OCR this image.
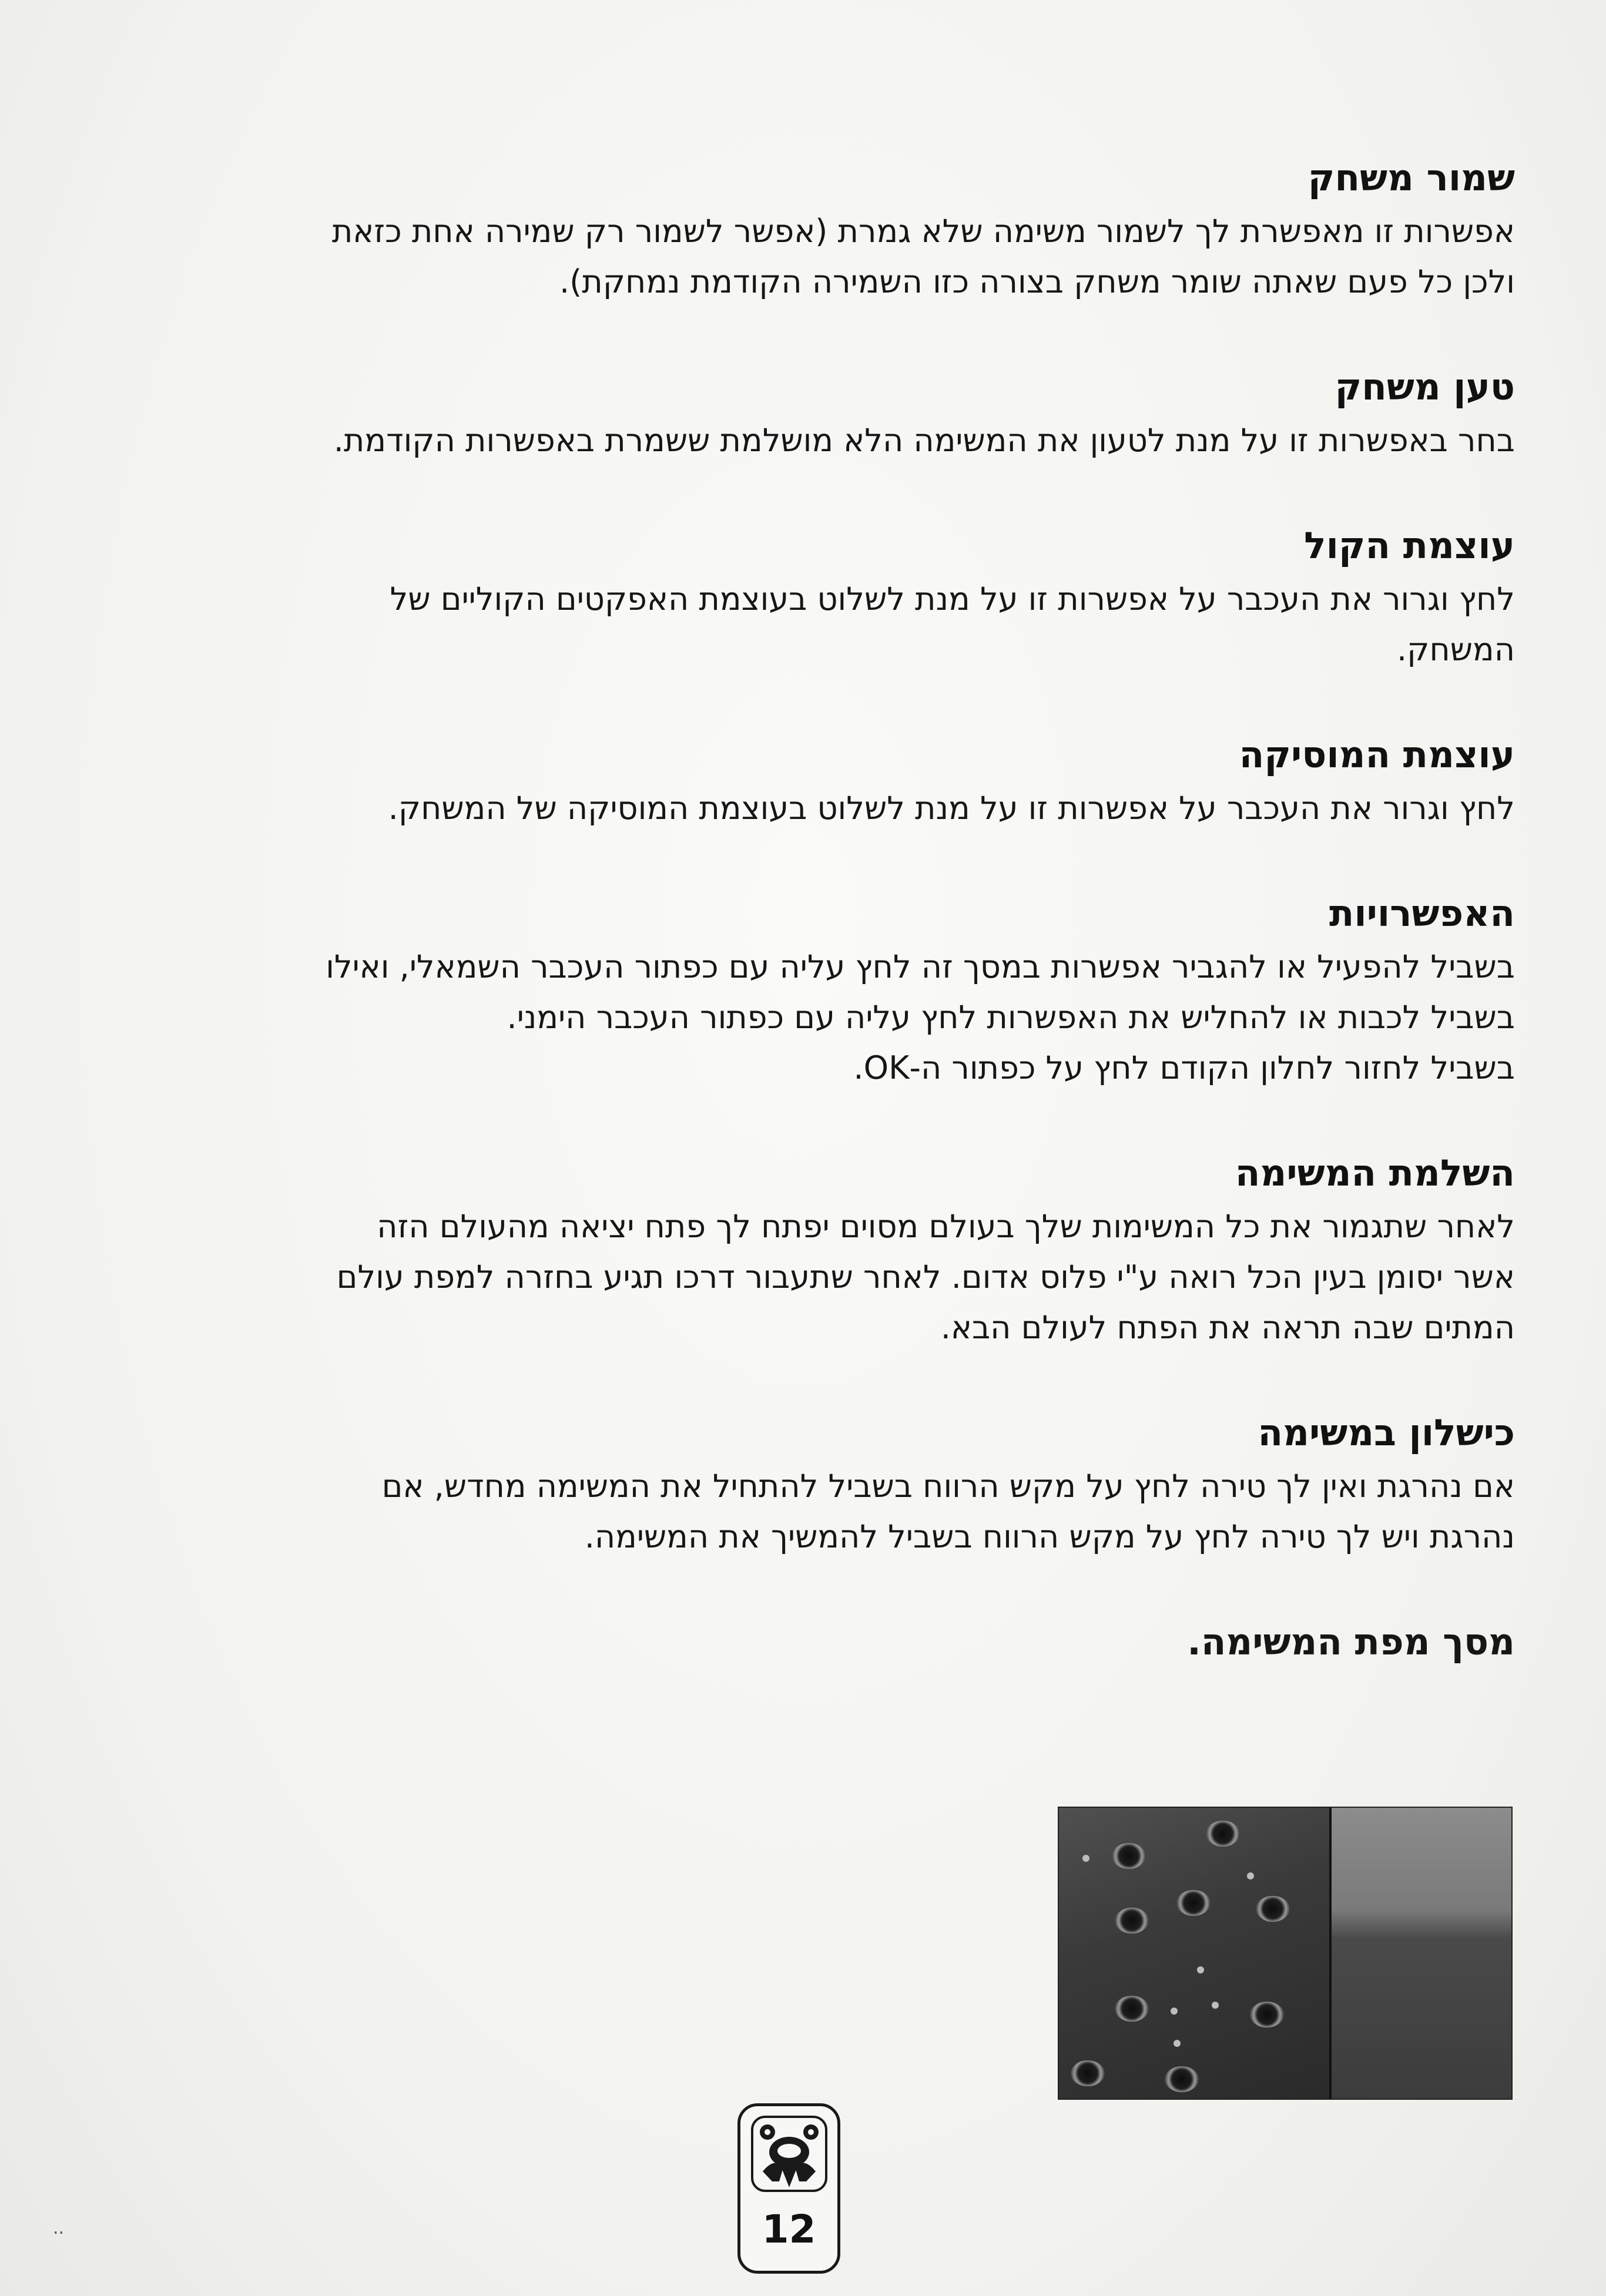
שמור משחק

אפשרות זו מאפשרת לך לשמור משימה שלא גמרת (אפשר לשמור רק שמירה אחת כזאת

ולכן כל פעם שאתה שומר משחק בצורה כזו השמירה הקודמת נמחקת).

טען משחק

בחר באפשרות זו על מנת לטעון את המשימה הלא מושלמת ששמרת באפשרות הקודמת.

עוצמת הקול

לחץ וגרור את העכבר על אפשרות זו על מנת לשלוט בעוצמת האפקטים הקוליים של

המשחק.

עוצמת המוסיקה

לחץ וגרור את העכבר על אפשרות זו על מנת לשלוט בעוצמת המוסיקה של המשחק.

האפשרויות

בשביל להפעיל או להגביר אפשרות במסך זה לחץ עליה עם כפתור העכבר השמאלי, ואילו

בשביל לכבות או להחליש את האפשרות לחץ עליה עם כפתור העכבר הימני.

בשביל לחזור לחלון הקודם לחץ על כפתור ה-OK.

השלמת המשימה

לאחר שתגמור את כל המשימות שלך בעולם מסוים יפתח לך פתח יציאה מהעולם הזה

אשר יסומן בעין הכל רואה ע"י פלוס אדום. לאחר שתעבור דרכו תגיע בחזרה למפת עולם

המתים שבה תראה את הפתח לעולם הבא.

כישלון במשימה

אם נהרגת ואין לך טירה לחץ על מקש הרווח בשביל להתחיל את המשימה מחדש, אם

נהרגת ויש לך טירה לחץ על מקש הרווח בשביל להמשיך את המשימה.

מסך מפת המשימה.

12
..
